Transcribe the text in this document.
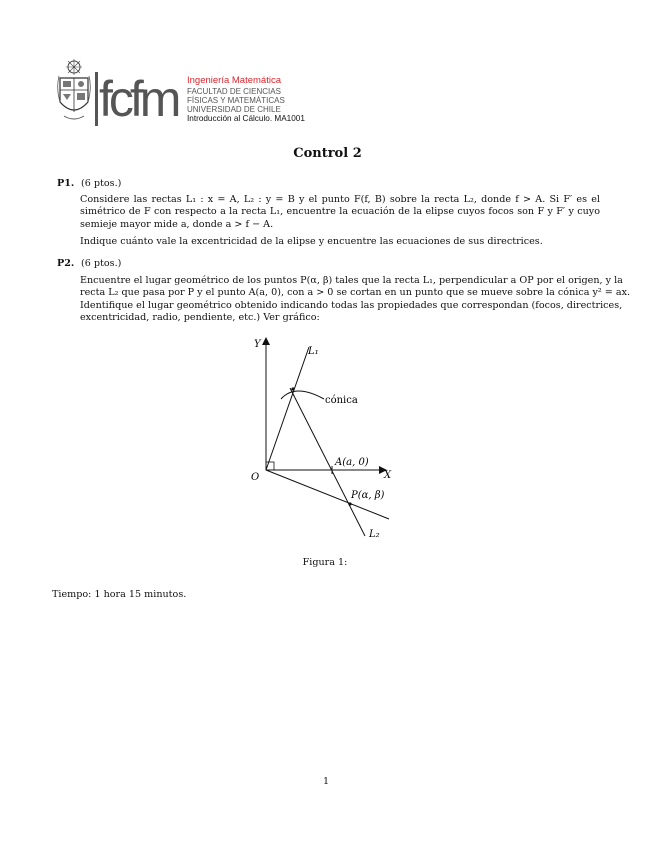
fcfm Ingeniería Matemática
FACULTAD DE CIENCIAS
FÍSICAS Y MATEMÁTICAS
UNIVERSIDAD DE CHILE
Introducción al Cálculo. MA1001
Control 2
P1. (6 ptos.)
Considere las rectas L₁ : x = A, L₂ : y = B y el punto F(f, B) sobre la recta L₂, donde f > A. Si F′ es el
simétrico de F con respecto a la recta L₁, encuentre la ecuación de la elipse cuyos focos son F y F′ y cuyo
semieje mayor mide a, donde a > f − A.
Indique cuánto vale la excentricidad de la elipse y encuentre las ecuaciones de sus directrices.
P2. (6 ptos.)
Encuentre el lugar geométrico de los puntos P(α, β) tales que la recta L₁, perpendicular a OP por el origen, y la
recta L₂ que pasa por P y el punto A(a, 0), con a > 0 se cortan en un punto que se mueve sobre la cónica y² = ax.
Identifique el lugar geométrico obtenido indicando todas las propiedades que correspondan (focos, directrices,
excentricidad, radio, pendiente, etc.) Ver gráfico:
Y
X
O
L₁
L₂
cónica
A(a, 0)
P(α, β)
Figura 1:
Tiempo: 1 hora 15 minutos.
1
